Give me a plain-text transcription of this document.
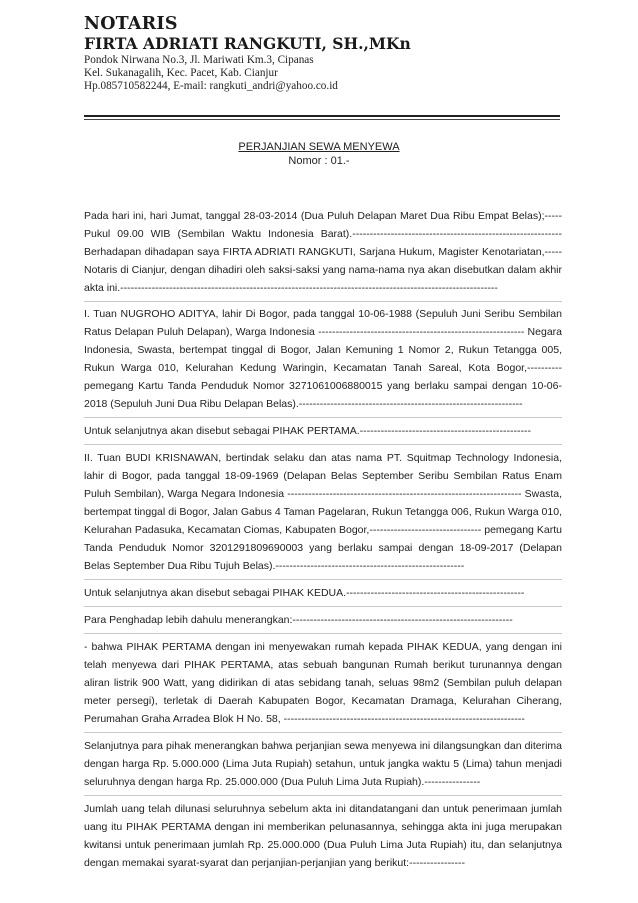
NOTARIS
FIRTA ADRIATI RANGKUTI, SH.,MKn
Pondok Nirwana No.3, Jl. Mariwati Km.3, Cipanas
Kel. Sukanagalih, Kec. Pacet, Kab. Cianjur
Hp.085710582244, E-mail: rangkuti_andri@yahoo.co.id
PERJANJIAN SEWA MENYEWA
Nomor : 01.-
Pada hari ini, hari Jumat, tanggal 28-03-2014 (Dua Puluh Delapan Maret Dua Ribu Empat Belas);----- Pukul 09.00 WIB (Sembilan Waktu Indonesia Barat).------------------------------------------------------------ Berhadapan dihadapan saya FIRTA ADRIATI RANGKUTI, Sarjana Hukum, Magister Kenotariatan,----- Notaris di Cianjur, dengan dihadiri oleh saksi-saksi yang nama-nama nya akan disebutkan dalam akhir akta ini.------------------------------------------------------------------------------------------------------------
I. Tuan NUGROHO ADITYA, lahir Di Bogor, pada tanggal 10-06-1988 (Sepuluh Juni Seribu Sembilan Ratus Delapan Puluh Delapan), Warga Indonesia ----------------------------------------------------------- Negara Indonesia, Swasta, bertempat tinggal di Bogor, Jalan Kemuning 1 Nomor 2, Rukun Tetangga 005, Rukun Warga 010, Kelurahan Kedung Waringin, Kecamatan Tanah Sareal, Kota Bogor,---------- pemegang Kartu Tanda Penduduk Nomor 3271061006880015 yang berlaku sampai dengan 10-06-2018 (Sepuluh Juni Dua Ribu Delapan Belas).----------------------------------------------------------------
Untuk selanjutnya akan disebut sebagai PIHAK PERTAMA.-------------------------------------------------
II. Tuan BUDI KRISNAWAN, bertindak selaku dan atas nama PT. Squitmap Technology Indonesia, lahir di Bogor, pada tanggal 18-09-1969 (Delapan Belas September Seribu Sembilan Ratus Enam Puluh Sembilan), Warga Negara Indonesia ------------------------------------------------------------------- Swasta, bertempat tinggal di Bogor, Jalan Gabus 4 Taman Pagelaran, Rukun Tetangga 006, Rukun Warga 010, Kelurahan Padasuka, Kecamatan Ciomas, Kabupaten Bogor,-------------------------------- pemegang Kartu Tanda Penduduk Nomor 3201291809690003 yang berlaku sampai dengan 18-09-2017 (Delapan Belas September Dua Ribu Tujuh Belas).------------------------------------------------------
Untuk selanjutnya akan disebut sebagai PIHAK KEDUA.---------------------------------------------------
Para Penghadap lebih dahulu menerangkan:---------------------------------------------------------------
- bahwa PIHAK PERTAMA dengan ini menyewakan rumah kepada PIHAK KEDUA, yang dengan ini telah menyewa dari PIHAK PERTAMA, atas sebuah bangunan Rumah berikut turunannya dengan aliran listrik 900 Watt, yang didirikan di atas sebidang tanah, seluas 98m2 (Sembilan puluh delapan meter persegi), terletak di Daerah Kabupaten Bogor, Kecamatan Dramaga, Kelurahan Ciherang, Perumahan Graha Arradea Blok H No. 58, ---------------------------------------------------------------------
Selanjutnya para pihak menerangkan bahwa perjanjian sewa menyewa ini dilangsungkan dan diterima dengan harga Rp. 5.000.000 (Lima Juta Rupiah) setahun, untuk jangka waktu 5 (Lima) tahun menjadi seluruhnya dengan harga Rp. 25.000.000 (Dua Puluh Lima Juta Rupiah).----------------
Jumlah uang telah dilunasi seluruhnya sebelum akta ini ditandatangani dan untuk penerimaan jumlah uang itu PIHAK PERTAMA dengan ini memberikan pelunasannya, sehingga akta ini juga merupakan kwitansi untuk penerimaan jumlah Rp. 25.000.000 (Dua Puluh Lima Juta Rupiah) itu, dan selanjutnya dengan memakai syarat-syarat dan perjanjian-perjanjian yang berikut:----------------
